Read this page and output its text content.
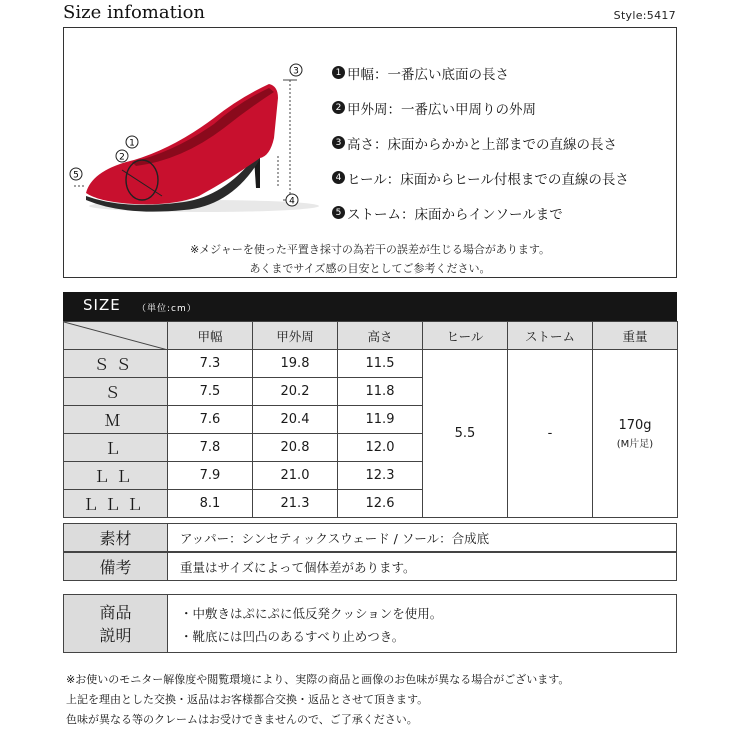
Size infomation	Style:5417
1
2
3
4
5
1 甲幅：一番広い底面の長さ
2 甲外周：一番広い甲周りの外周
3 高さ：床面からかかと上部までの直線の長さ
4 ヒール：床面からヒール付根までの直線の長さ
5 ストーム：床面からインソールまで
※メジャーを使った平置き採寸の為若干の誤差が生じる場合があります。
あくまでサイズ感の目安としてご参考ください。
SIZE （単位:cm）
	甲幅	甲外周	高さ	ヒール	ストーム	重量
ＳＳ	7.3	19.8	11.5	5.5	-	170g
(M片足)

Ｓ	7.5	20.2	11.8			
Ｍ	7.6	20.4	11.9			
Ｌ	7.8	20.8	12.0			
ＬＬ	7.9	21.0	12.3			
ＬＬＬ	8.1	21.3	12.6			
素材	アッパー：シンセティックスウェード / ソール：合成底
備考	重量はサイズによって個体差があります。
商品
説明
・中敷きはぷにぷに低反発クッションを使用。
・靴底には凹凸のあるすべり止めつき。
※お使いのモニター解像度や閲覧環境により、実際の商品と画像のお色味が異なる場合がございます。
上記を理由とした交換・返品はお客様都合交換・返品とさせて頂きます。
色味が異なる等のクレームはお受けできませんので、ご了承ください。
